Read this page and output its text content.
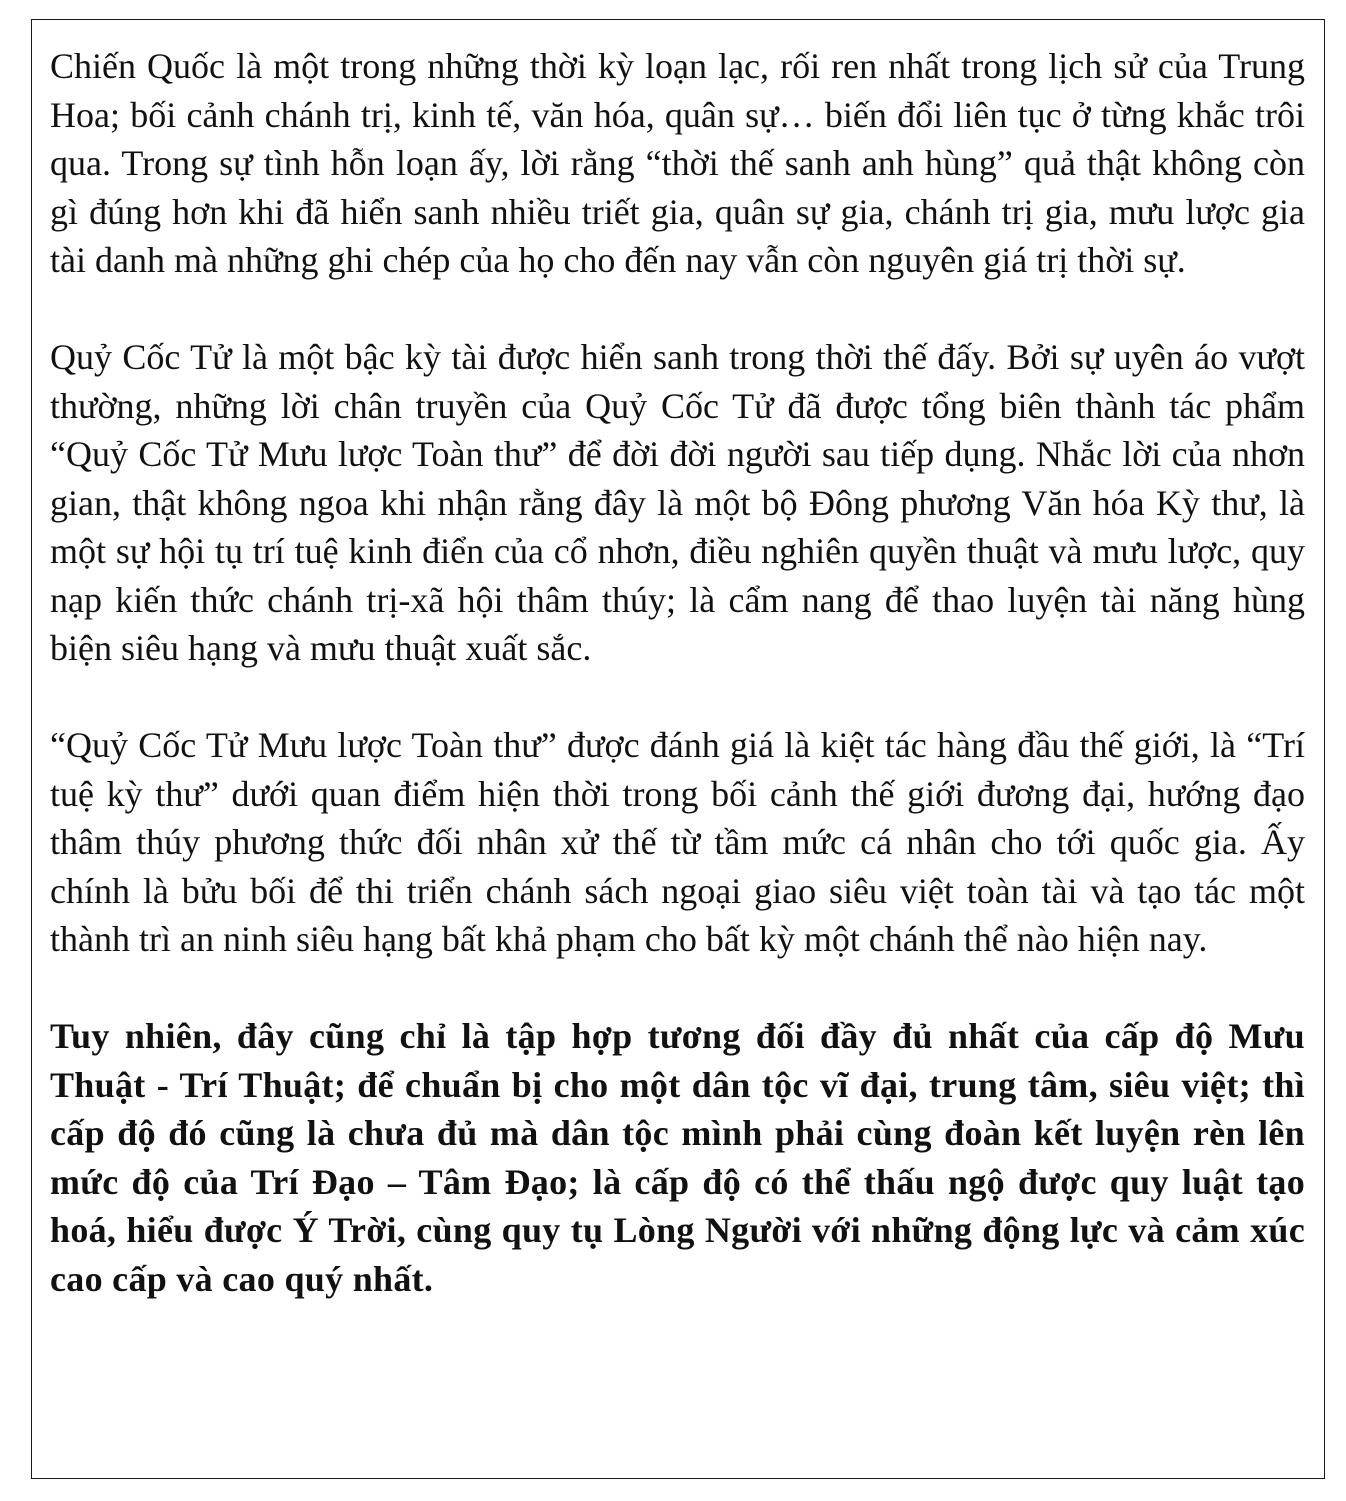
Chiến Quốc là một trong những thời kỳ loạn lạc, rối ren nhất trong lịch sử của Trung Hoa; bối cảnh chánh trị, kinh tế, văn hóa, quân sự… biến đổi liên tục ở từng khắc trôi qua. Trong sự tình hỗn loạn ấy, lời rằng “thời thế sanh anh hùng” quả thật không còn gì đúng hơn khi đã hiển sanh nhiều triết gia, quân sự gia, chánh trị gia, mưu lược gia tài danh mà những ghi chép của họ cho đến nay vẫn còn nguyên giá trị thời sự.

Quỷ Cốc Tử là một bậc kỳ tài được hiển sanh trong thời thế đấy. Bởi sự uyên áo vượt thường, những lời chân truyền của Quỷ Cốc Tử đã được tổng biên thành tác phẩm “Quỷ Cốc Tử Mưu lược Toàn thư” để đời đời người sau tiếp dụng. Nhắc lời của nhơn gian, thật không ngoa khi nhận rằng đây là một bộ Đông phương Văn hóa Kỳ thư, là một sự hội tụ trí tuệ kinh điển của cổ nhơn, điều nghiên quyền thuật và mưu lược, quy nạp kiến thức chánh trị-xã hội thâm thúy; là cẩm nang để thao luyện tài năng hùng biện siêu hạng và mưu thuật xuất sắc.

“Quỷ Cốc Tử Mưu lược Toàn thư” được đánh giá là kiệt tác hàng đầu thế giới, là “Trí tuệ kỳ thư” dưới quan điểm hiện thời trong bối cảnh thế giới đương đại, hướng đạo thâm thúy phương thức đối nhân xử thế từ tầm mức cá nhân cho tới quốc gia. Ấy chính là bửu bối để thi triển chánh sách ngoại giao siêu việt toàn tài và tạo tác một thành trì an ninh siêu hạng bất khả phạm cho bất kỳ một chánh thể nào hiện nay.

Tuy nhiên, đây cũng chỉ là tập hợp tương đối đầy đủ nhất của cấp độ Mưu Thuật - Trí Thuật; để chuẩn bị cho một dân tộc vĩ đại, trung tâm, siêu việt; thì cấp độ đó cũng là chưa đủ mà dân tộc mình phải cùng đoàn kết luyện rèn lên mức độ của Trí Đạo – Tâm Đạo; là cấp độ có thể thấu ngộ được quy luật tạo hoá, hiểu được Ý Trời, cùng quy tụ Lòng Người với những động lực và cảm xúc cao cấp và cao quý nhất.
